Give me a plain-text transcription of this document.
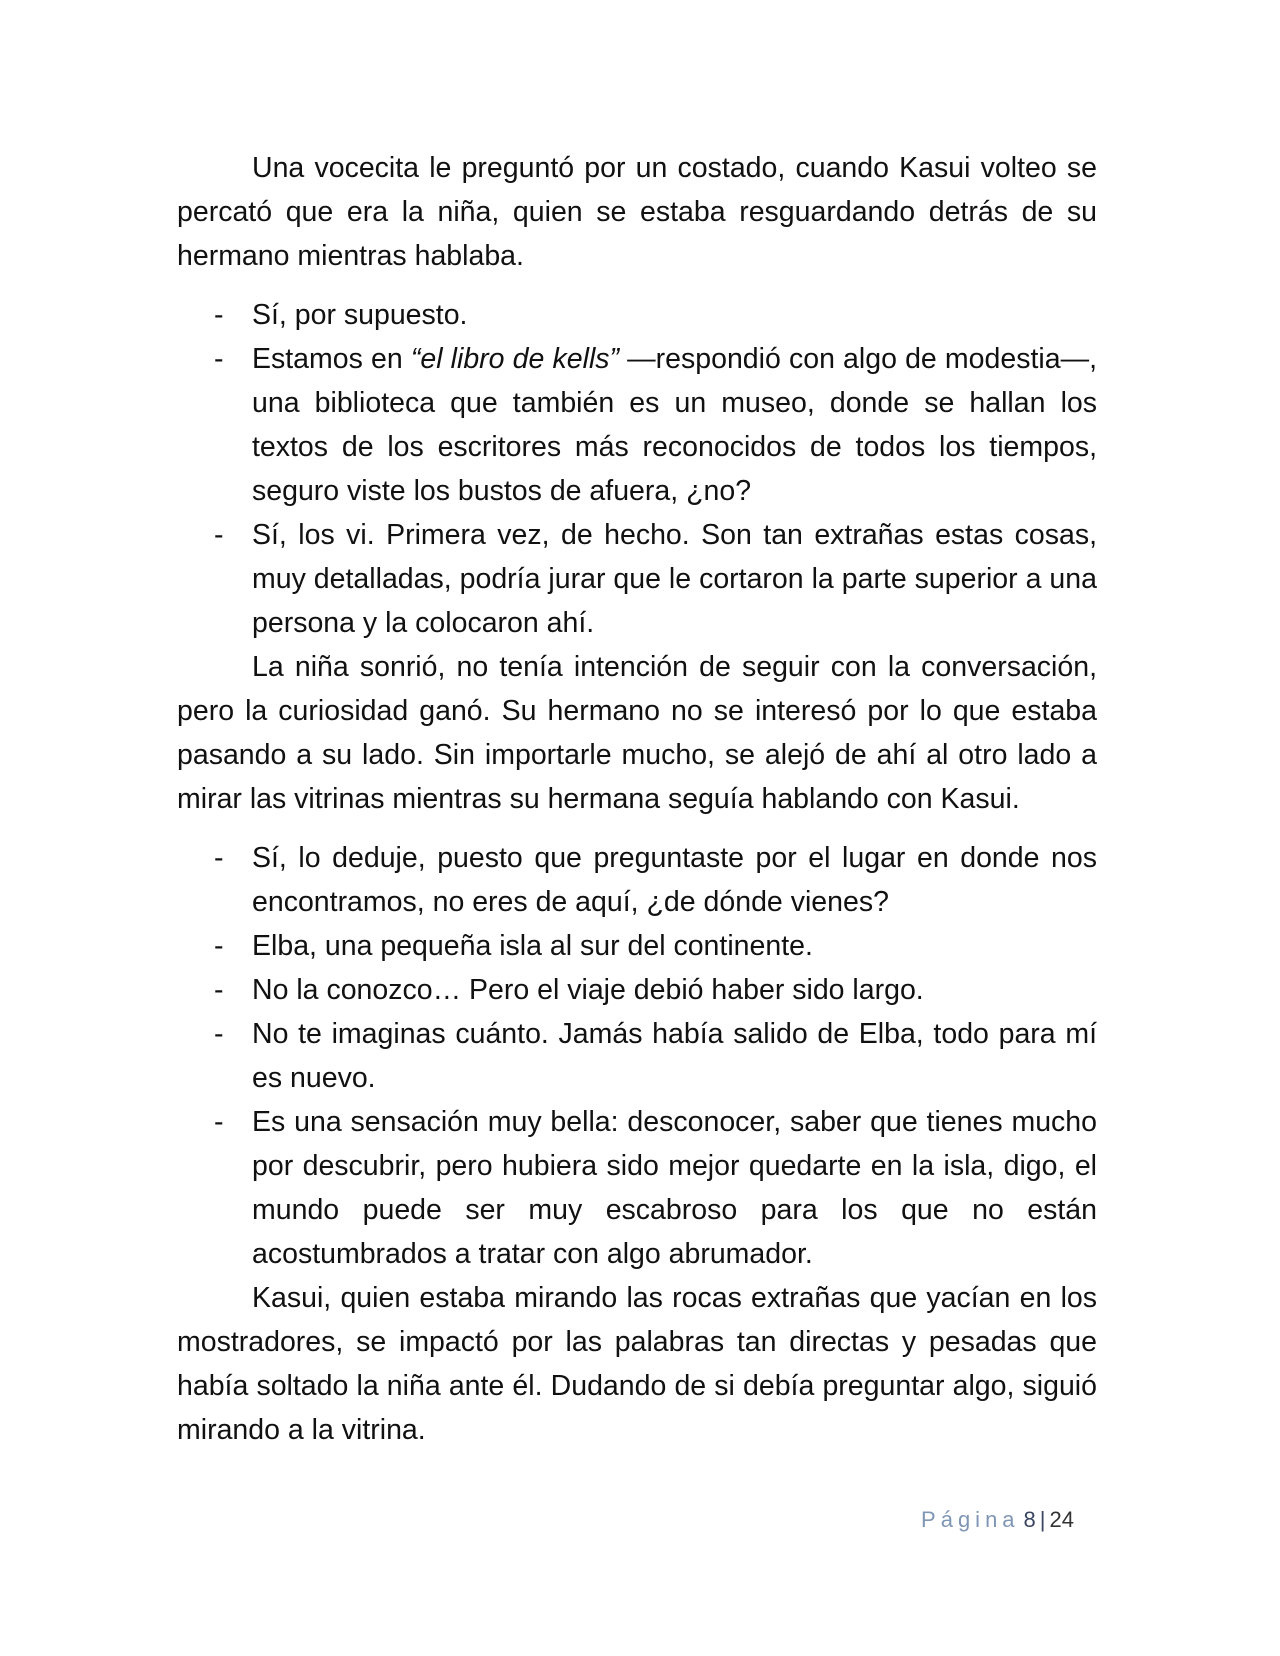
Una vocecita le preguntó por un costado, cuando Kasui volteo se percató que era la niña, quien se estaba resguardando detrás de su hermano mientras hablaba.

- Sí, por supuesto.
- Estamos en “el libro de kells” —respondió con algo de modestia—, una biblioteca que también es un museo, donde se hallan los textos de los escritores más reconocidos de todos los tiempos, seguro viste los bustos de afuera, ¿no?
- Sí, los vi. Primera vez, de hecho. Son tan extrañas estas cosas, muy detalladas, podría jurar que le cortaron la parte superior a una persona y la colocaron ahí.

La niña sonrió, no tenía intención de seguir con la conversación, pero la curiosidad ganó. Su hermano no se interesó por lo que estaba pasando a su lado. Sin importarle mucho, se alejó de ahí al otro lado a mirar las vitrinas mientras su hermana seguía hablando con Kasui.

- Sí, lo deduje, puesto que preguntaste por el lugar en donde nos encontramos, no eres de aquí, ¿de dónde vienes?
- Elba, una pequeña isla al sur del continente.
- No la conozco… Pero el viaje debió haber sido largo.
- No te imaginas cuánto. Jamás había salido de Elba, todo para mí es nuevo.
- Es una sensación muy bella: desconocer, saber que tienes mucho por descubrir, pero hubiera sido mejor quedarte en la isla, digo, el mundo puede ser muy escabroso para los que no están acostumbrados a tratar con algo abrumador.

Kasui, quien estaba mirando las rocas extrañas que yacían en los mostradores, se impactó por las palabras tan directas y pesadas que había soltado la niña ante él. Dudando de si debía preguntar algo, siguió mirando a la vitrina.

Página 8 | 24
